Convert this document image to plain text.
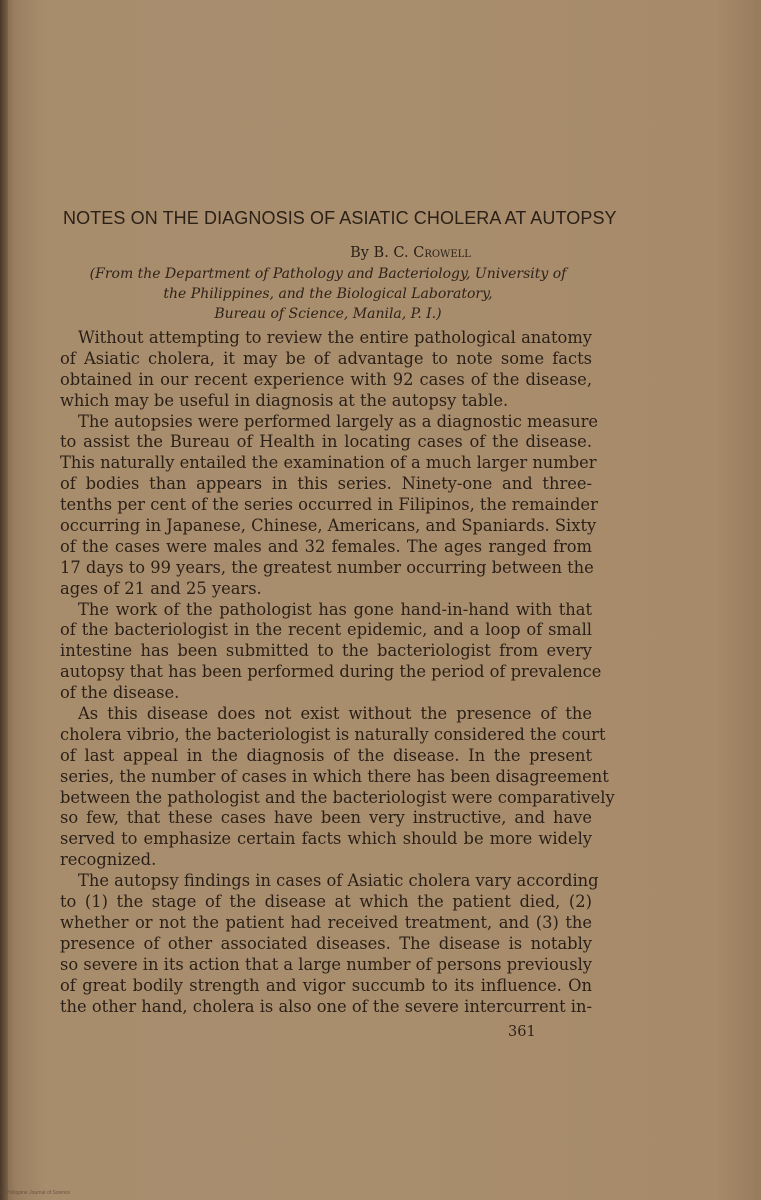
NOTES ON THE DIAGNOSIS OF ASIATIC CHOLERA AT AUTOPSY
By B. C. Crowell
(From the Department of Pathology and Bacteriology, University of
the Philippines, and the Biological Laboratory,
Bureau of Science, Manila, P. I.)
Without attempting to review the entire pathological anatomy
of Asiatic cholera, it may be of advantage to note some facts
obtained in our recent experience with 92 cases of the disease,
which may be useful in diagnosis at the autopsy table.
The autopsies were performed largely as a diagnostic measure
to assist the Bureau of Health in locating cases of the disease.
This naturally entailed the examination of a much larger number
of bodies than appears in this series. Ninety-one and three-
tenths per cent of the series occurred in Filipinos, the remainder
occurring in Japanese, Chinese, Americans, and Spaniards. Sixty
of the cases were males and 32 females. The ages ranged from
17 days to 99 years, the greatest number occurring between the
ages of 21 and 25 years.
The work of the pathologist has gone hand-in-hand with that
of the bacteriologist in the recent epidemic, and a loop of small
intestine has been submitted to the bacteriologist from every
autopsy that has been performed during the period of prevalence
of the disease.
As this disease does not exist without the presence of the
cholera vibrio, the bacteriologist is naturally considered the court
of last appeal in the diagnosis of the disease. In the present
series, the number of cases in which there has been disagreement
between the pathologist and the bacteriologist were comparatively
so few, that these cases have been very instructive, and have
served to emphasize certain facts which should be more widely
recognized.
The autopsy findings in cases of Asiatic cholera vary according
to (1) the stage of the disease at which the patient died, (2)
whether or not the patient had received treatment, and (3) the
presence of other associated diseases. The disease is notably
so severe in its action that a large number of persons previously
of great bodily strength and vigor succumb to its influence. On
the other hand, cholera is also one of the severe intercurrent in-
361
Philippine Journal of Science
